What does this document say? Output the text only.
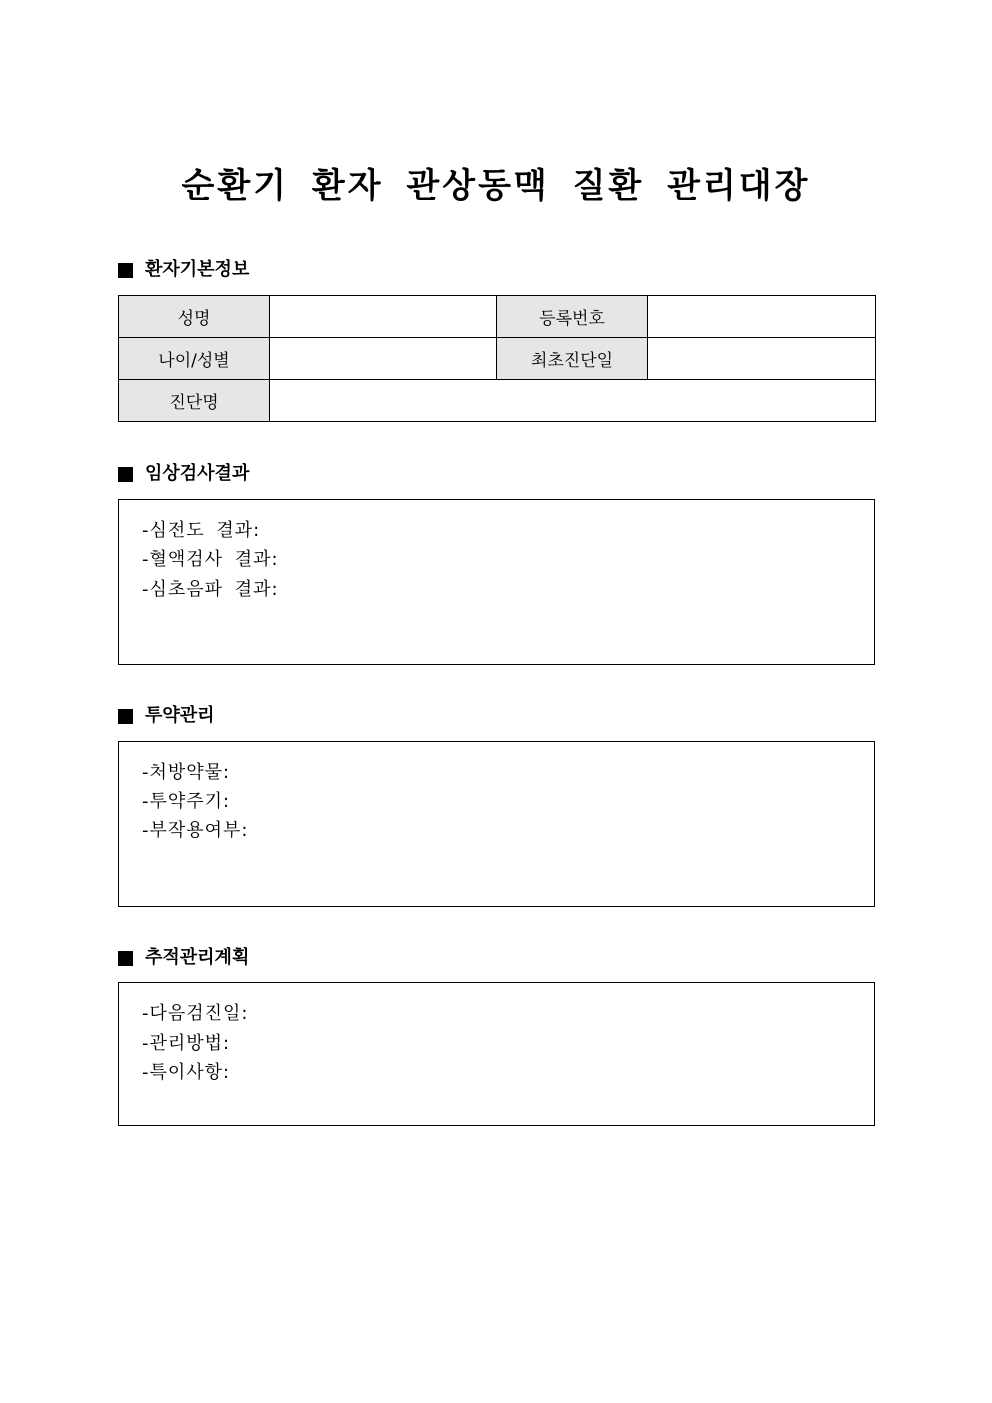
순환기 환자 관상동맥 질환 관리대장
환자기본정보
성명		등록번호	
나이/성별		최초진단일	
진단명			
임상검사결과
-심전도 결과:
-혈액검사 결과:
-심초음파 결과:
투약관리
-처방약물:
-투약주기:
-부작용여부:
추적관리계획
-다음검진일:
-관리방법:
-특이사항:
